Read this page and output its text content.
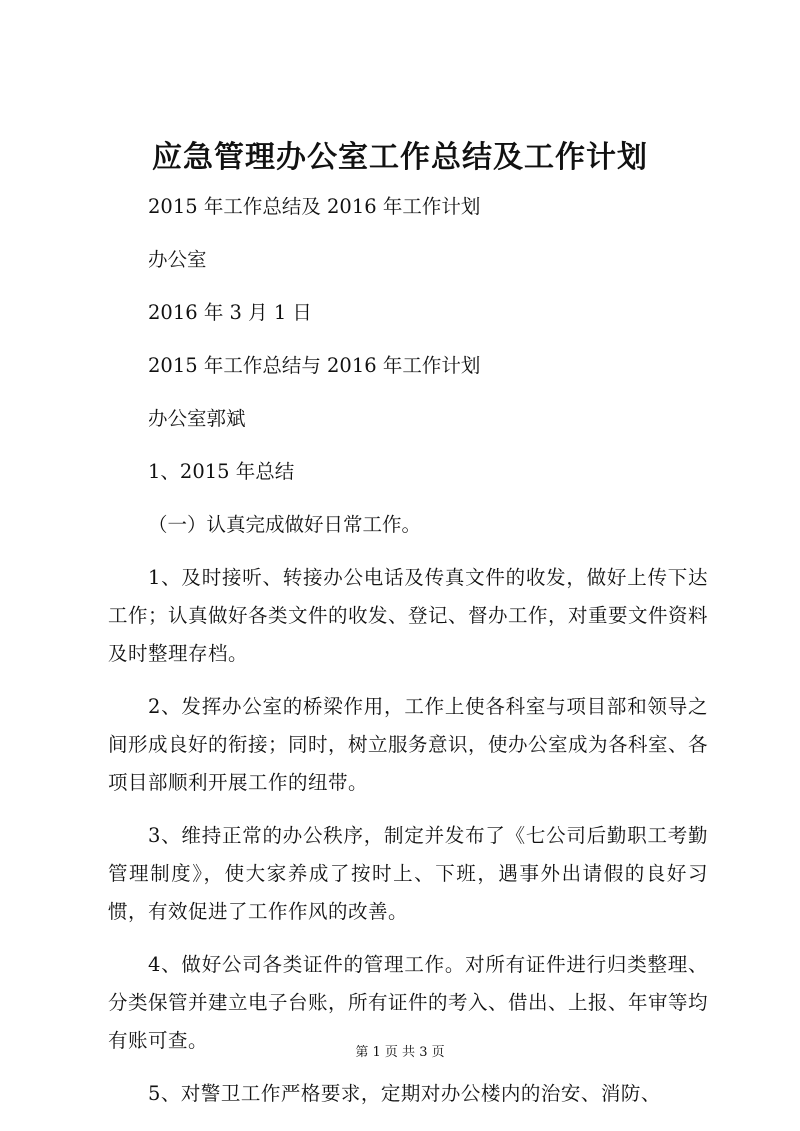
应急管理办公室工作总结及工作计划
2015 年工作总结及 2016 年工作计划
办公室
2016 年 3 月 1 日
2015 年工作总结与 2016 年工作计划
办公室郭斌
1、2015 年总结
（一）认真完成做好日常工作。

1、及时接听、转接办公电话及传真文件的收发，做好上传下达工作；认真做好各类文件的收发、登记、督办工作，对重要文件资料及时整理存档。

2、发挥办公室的桥梁作用，工作上使各科室与项目部和领导之间形成良好的衔接；同时，树立服务意识，使办公室成为各科室、各项目部顺利开展工作的纽带。

3、维持正常的办公秩序，制定并发布了《七公司后勤职工考勤管理制度》，使大家养成了按时上、下班，遇事外出请假的良好习惯，有效促进了工作作风的改善。

4、做好公司各类证件的管理工作。对所有证件进行归类整理、分类保管并建立电子台账，所有证件的考入、借出、上报、年审等均有账可查。

5、对警卫工作严格要求，定期对办公楼内的治安、消防、

第 1 页 共 3 页
